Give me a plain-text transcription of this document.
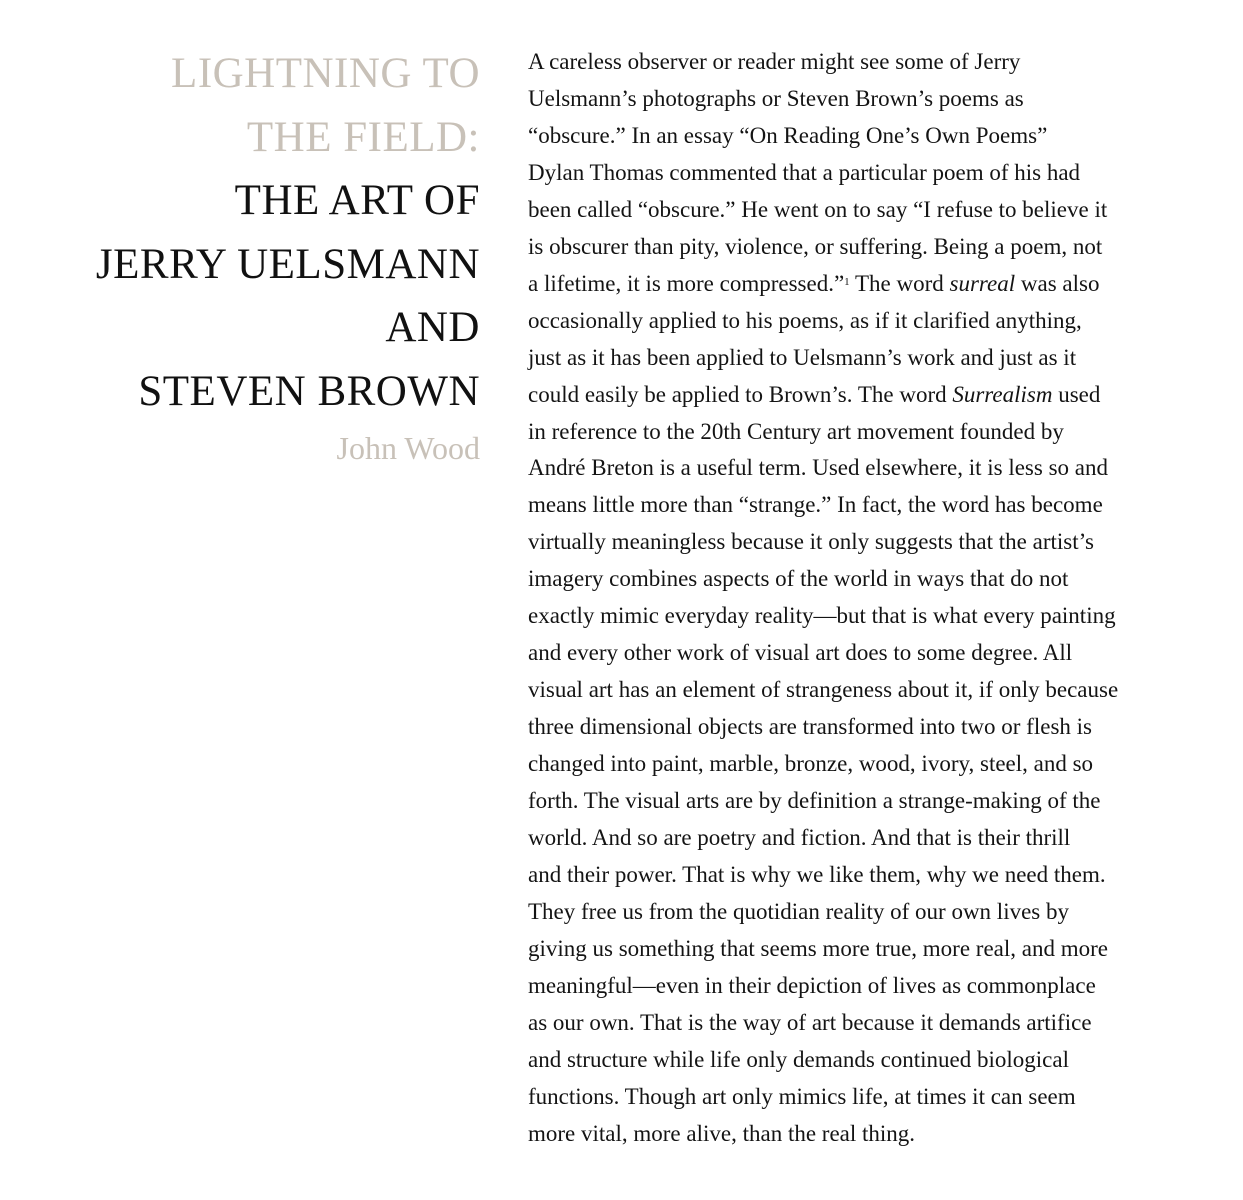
LIGHTNING TO
THE FIELD:
THE ART OF
JERRY UELSMANN
AND
STEVEN BROWN
John Wood
A careless observer or reader might see some of Jerry
Uelsmann’s photographs or Steven Brown’s poems as
“obscure.” In an essay “On Reading One’s Own Poems”
Dylan Thomas commented that a particular poem of his had
been called “obscure.” He went on to say “I refuse to believe it
is obscurer than pity, violence, or suffering. Being a poem, not
a lifetime, it is more compressed.”$^1$ The word surreal was also
occasionally applied to his poems, as if it clarified anything,
just as it has been applied to Uelsmann’s work and just as it
could easily be applied to Brown’s. The word Surrealism used
in reference to the 20th Century art movement founded by
André Breton is a useful term. Used elsewhere, it is less so and
means little more than “strange.” In fact, the word has become
virtually meaningless because it only suggests that the artist’s
imagery combines aspects of the world in ways that do not
exactly mimic everyday reality—but that is what every painting
and every other work of visual art does to some degree. All
visual art has an element of strangeness about it, if only because
three dimensional objects are transformed into two or flesh is
changed into paint, marble, bronze, wood, ivory, steel, and so
forth. The visual arts are by definition a strange-making of the
world. And so are poetry and fiction. And that is their thrill
and their power. That is why we like them, why we need them.
They free us from the quotidian reality of our own lives by
giving us something that seems more true, more real, and more
meaningful—even in their depiction of lives as commonplace
as our own. That is the way of art because it demands artifice
and structure while life only demands continued biological
functions. Though art only mimics life, at times it can seem
more vital, more alive, than the real thing.
